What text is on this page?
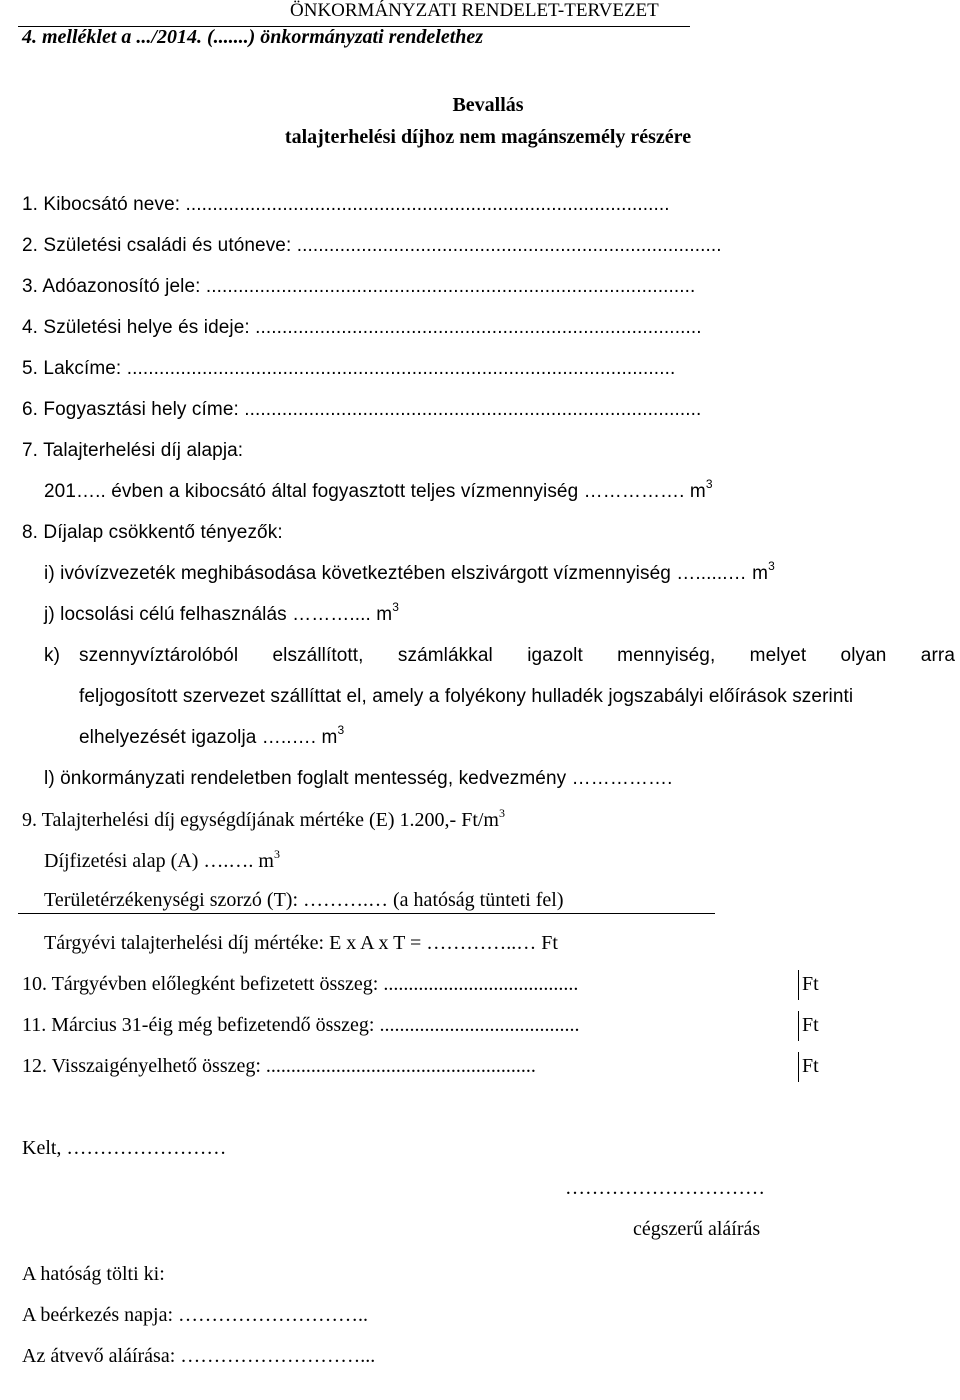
ÖNKORMÁNYZATI RENDELET-TERVEZET
4. melléklet a .../2014. (.......) önkormányzati rendelethez
Bevallás
talajterhelési díjhoz nem magánszemély részére
1. Kibocsátó neve: ..........................................................................................
2. Születési családi és utóneve: ...............................................................................
3. Adóazonosító jele: ...........................................................................................
4. Születési helye és ideje: ...................................................................................
5. Lakcíme: ......................................................................................................
6. Fogyasztási hely címe: .....................................................................................
7. Talajterhelési díj alapja:
201….. évben a kibocsátó által fogyasztott teljes vízmennyiség ……………. $m^3$
8. Díjalap csökkentő tényezők:
i) ivóvízvezeték meghibásodása következtében elszivárgott vízmennyiség …......… $m^3$
j) locsolási célú felhasználás ……….... $m^3$
k) szennyvíztárolóból elszállított, számlákkal igazolt mennyiség, melyet olyan arra
feljogosított szervezet szállíttat el, amely a folyékony hulladék jogszabályi előírások szerinti
elhelyezését igazolja …..…. $m^3$
l) önkormányzati rendeletben foglalt mentesség, kedvezmény …………….
9. Talajterhelési díj egységdíjának mértéke (E) 1.200,- $Ft/m^3$
Díjfizetési alap (A) ….…. $m^3$
Területérzékenységi szorzó (T): ……….… (a hatóság tünteti fel)
Tárgyévi talajterhelési díj mértéke: E x A x T = …………..… Ft
10. Tárgyévben előlegként befizetett összeg: .......................................	Ft
11. Március 31-éig még befizetendő összeg: ........................................	Ft
12. Visszaigényelhető összeg: ......................................................	Ft
Kelt, ……………………
…………………………
cégszerű aláírás
A hatóság tölti ki:
A beérkezés napja: ………………………..
Az átvevő aláírása: ………………………...
